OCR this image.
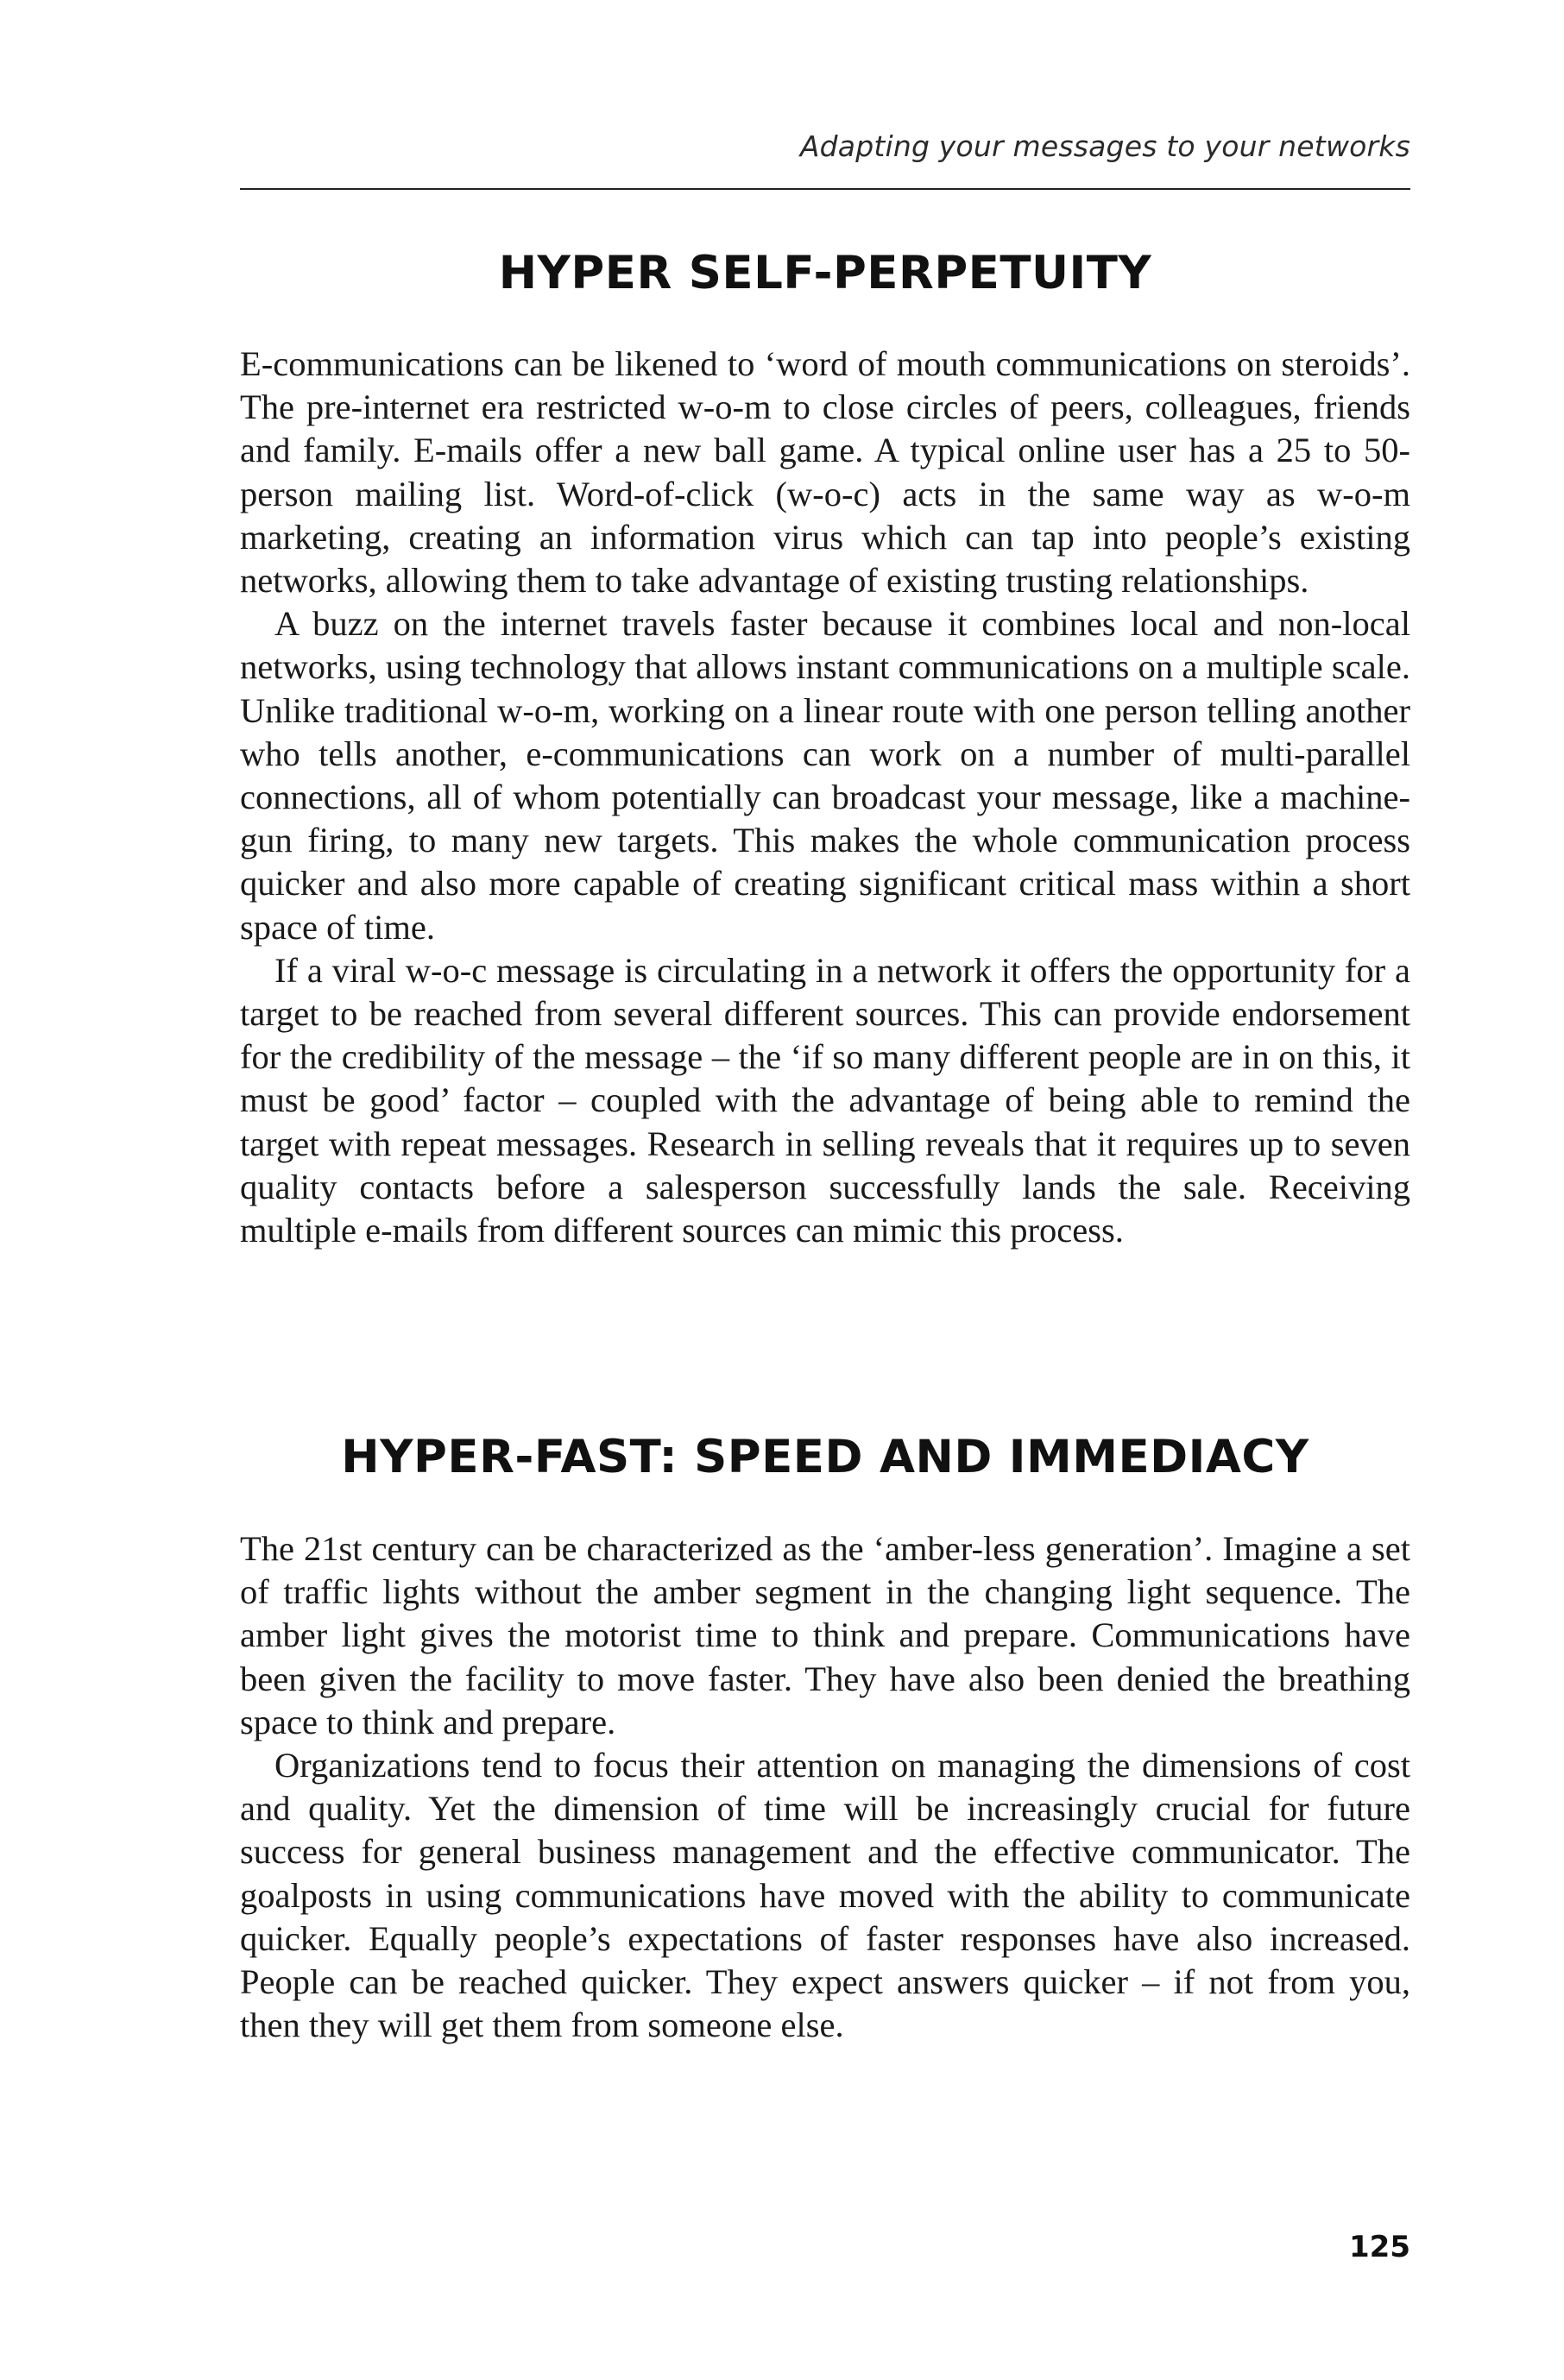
Adapting your messages to your networks
HYPER SELF-PERPETUITY

E-communications can be likened to ‘word of mouth communications on steroids’. The pre-internet era restricted w-o-m to close circles of peers, colleagues, friends and family. E-mails offer a new ball game. A typical online user has a 25 to 50-person mailing list. Word-of-click (w-o-c) acts in the same way as w-o-m marketing, creating an information virus which can tap into people’s existing networks, allowing them to take advantage of existing trusting relationships.

A buzz on the internet travels faster because it combines local and non-local networks, using technology that allows instant communications on a multiple scale. Unlike traditional w-o-m, working on a linear route with one person telling another who tells another, e-communications can work on a number of multi-parallel connections, all of whom potentially can broadcast your message, like a machine-gun firing, to many new targets. This makes the whole communication process quicker and also more capable of creating significant critical mass within a short space of time.

If a viral w-o-c message is circulating in a network it offers the opportunity for a target to be reached from several different sources. This can provide endorsement for the credibility of the message – the ‘if so many different people are in on this, it must be good’ factor – coupled with the advantage of being able to remind the target with repeat messages. Research in selling reveals that it requires up to seven quality contacts before a salesperson successfully lands the sale. Receiving multiple e-mails from different sources can mimic this process.

HYPER-FAST: SPEED AND IMMEDIACY

The 21st century can be characterized as the ‘amber-less generation’. Imagine a set of traffic lights without the amber segment in the changing light sequence. The amber light gives the motorist time to think and prepare. Communications have been given the facility to move faster. They have also been denied the breathing space to think and prepare.

Organizations tend to focus their attention on managing the dimensions of cost and quality. Yet the dimension of time will be increasingly crucial for future success for general business management and the effective communicator. The goalposts in using communications have moved with the ability to communicate quicker. Equally people’s expectations of faster responses have also increased. People can be reached quicker. They expect answers quicker – if not from you, then they will get them from someone else.

125
